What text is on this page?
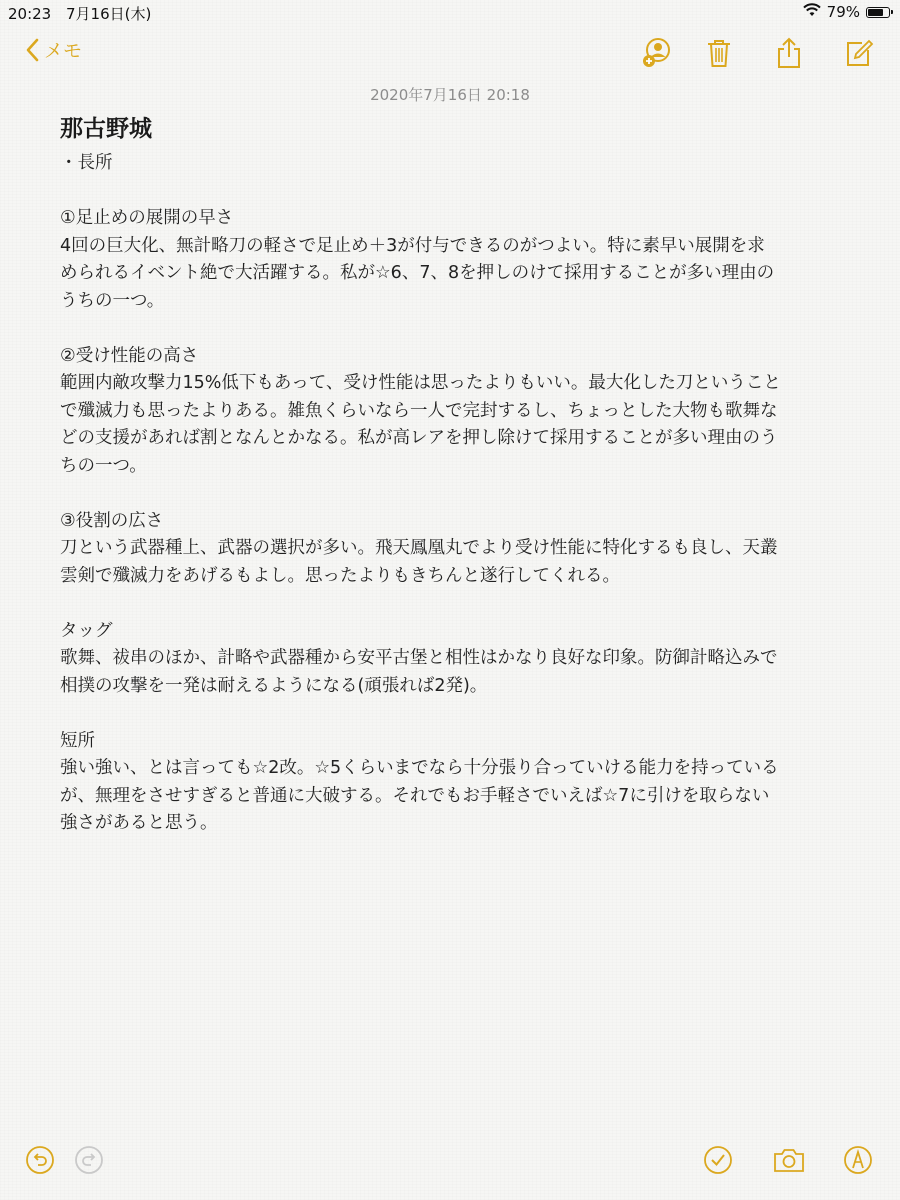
20:23 7月16日(木)	79%
メモ
2020年7月16日 20:18
那古野城

・長所

①足止めの展開の早さ

4回の巨大化、無計略刀の軽さで足止め＋3が付与できるのがつよい。特に素早い展開を求

められるイベント絶で大活躍する。私が☆6、7、8を押しのけて採用することが多い理由の

うちの一つ。

②受け性能の高さ

範囲内敵攻撃力15%低下もあって、受け性能は思ったよりもいい。最大化した刀ということ

で殲滅力も思ったよりある。雑魚くらいなら一人で完封するし、ちょっとした大物も歌舞な

どの支援があれば割となんとかなる。私が高レアを押し除けて採用することが多い理由のう

ちの一つ。

③役割の広さ

刀という武器種上、武器の選択が多い。飛天鳳凰丸でより受け性能に特化するも良し、天叢

雲剣で殲滅力をあげるもよし。思ったよりもきちんと遂行してくれる。

タッグ

歌舞、祓串のほか、計略や武器種から安平古堡と相性はかなり良好な印象。防御計略込みで

相撲の攻撃を一発は耐えるようになる(頑張れば2発)。

短所

強い強い、とは言っても☆2改。☆5くらいまでなら十分張り合っていける能力を持っている

が、無理をさせすぎると普通に大破する。それでもお手軽さでいえば☆7に引けを取らない

強さがあると思う。
